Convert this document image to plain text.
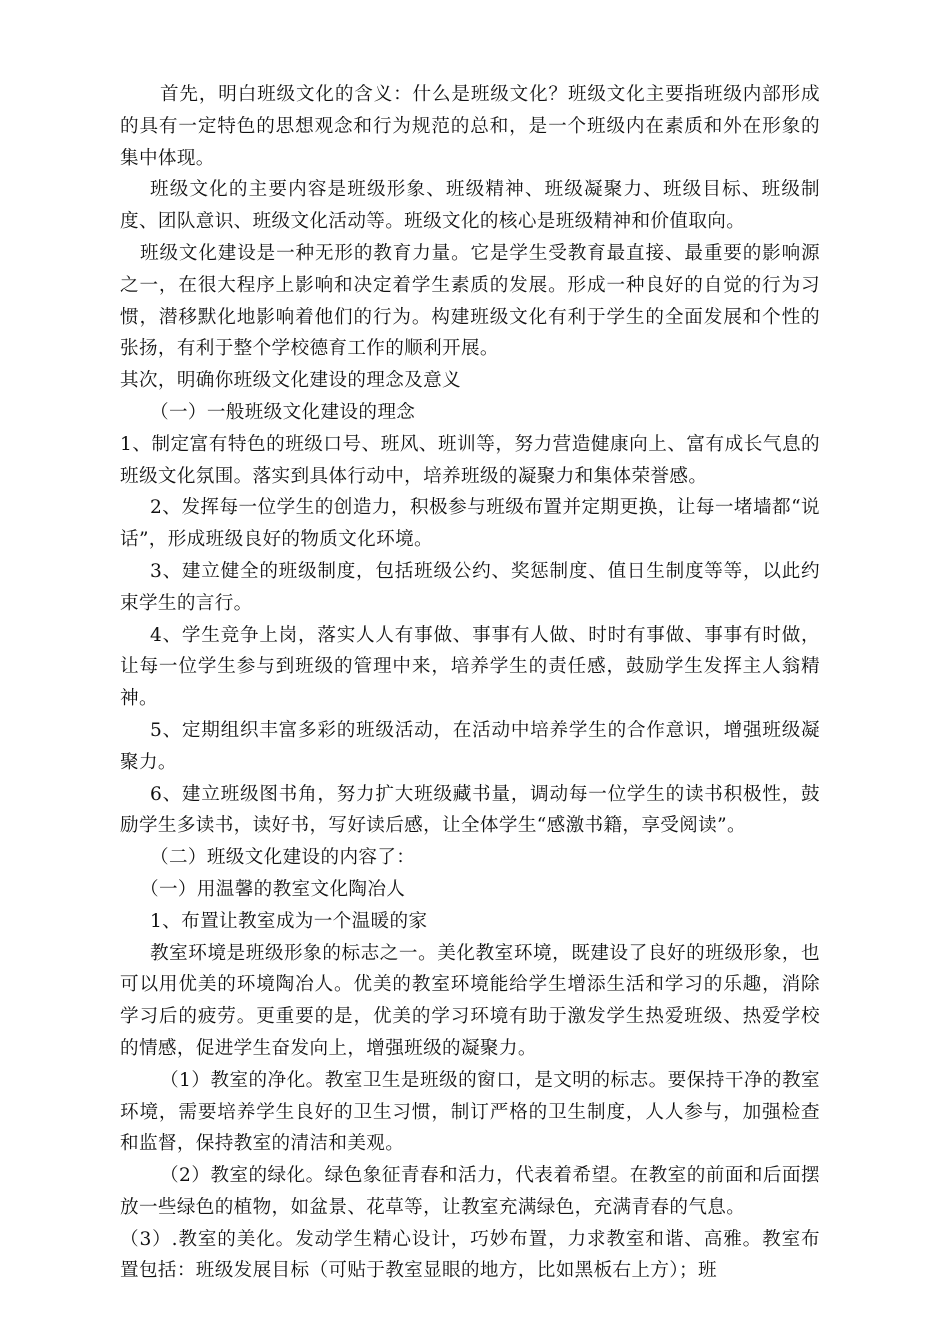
首先，明白班级文化的含义：什么是班级文化？班级文化主要指班级内部形成的具有一定特色的思想观念和行为规范的总和，是一个班级内在素质和外在形象的集中体现。

班级文化的主要内容是班级形象、班级精神、班级凝聚力、班级目标、班级制度、团队意识、班级文化活动等。班级文化的核心是班级精神和价值取向。

班级文化建设是一种无形的教育力量。它是学生受教育最直接、最重要的影响源之一，在很大程序上影响和决定着学生素质的发展。形成一种良好的自觉的行为习惯，潜移默化地影响着他们的行为。构建班级文化有利于学生的全面发展和个性的张扬，有利于整个学校德育工作的顺利开展。

其次，明确你班级文化建设的理念及意义

（一）一般班级文化建设的理念

1、制定富有特色的班级口号、班风、班训等，努力营造健康向上、富有成长气息的班级文化氛围。落实到具体行动中，培养班级的凝聚力和集体荣誉感。

2、发挥每一位学生的创造力，积极参与班级布置并定期更换，让每一堵墙都“说话”，形成班级良好的物质文化环境。

3、建立健全的班级制度，包括班级公约、奖惩制度、值日生制度等等，以此约束学生的言行。

4、学生竞争上岗，落实人人有事做、事事有人做、时时有事做、事事有时做，让每一位学生参与到班级的管理中来，培养学生的责任感，鼓励学生发挥主人翁精神。

5、定期组织丰富多彩的班级活动，在活动中培养学生的合作意识，增强班级凝聚力。

6、建立班级图书角，努力扩大班级藏书量，调动每一位学生的读书积极性，鼓励学生多读书，读好书，写好读后感，让全体学生“感激书籍，享受阅读”。

（二）班级文化建设的内容了：

（一）用温馨的教室文化陶冶人

1、布置让教室成为一个温暖的家

教室环境是班级形象的标志之一。美化教室环境，既建设了良好的班级形象，也可以用优美的环境陶冶人。优美的教室环境能给学生增添生活和学习的乐趣，消除学习后的疲劳。更重要的是，优美的学习环境有助于激发学生热爱班级、热爱学校的情感，促进学生奋发向上，增强班级的凝聚力。

（1）教室的净化。教室卫生是班级的窗口，是文明的标志。要保持干净的教室环境，需要培养学生良好的卫生习惯，制订严格的卫生制度，人人参与，加强检查和监督，保持教室的清洁和美观。

（2）教室的绿化。绿色象征青春和活力，代表着希望。在教室的前面和后面摆放一些绿色的植物，如盆景、花草等，让教室充满绿色，充满青春的气息。

（3）.教室的美化。发动学生精心设计，巧妙布置，力求教室和谐、高雅。教室布置包括：班级发展目标（可贴于教室显眼的地方，比如黑板右上方）；班
